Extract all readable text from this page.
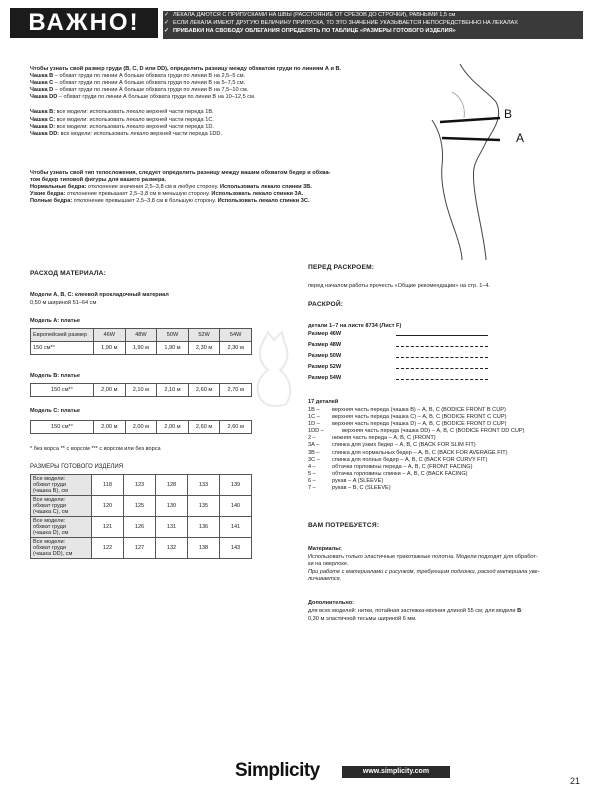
ВАЖНО!	✓ ЛЕКАЛА ДАЮТСЯ С ПРИПУСКАМИ НА ШВЫ (РАССТОЯНИЕ ОТ СРЕЗОВ ДО СТРОЧКИ), РАВНЫМИ 1,5 см
✓ ЕСЛИ ЛЕКАЛА ИМЕЮТ ДРУГУЮ ВЕЛИЧИНУ ПРИПУСКА, ТО ЭТО ЗНАЧЕНИЕ УКАЗЫВАЕТСЯ НЕПОСРЕДСТВЕННО НА ЛЕКАЛАХ
✓ ПРИБАВКИ НА СВОБОДУ ОБЛЕГАНИЯ ОПРЕДЕЛЯТЬ ПО ТАБЛИЦЕ «РАЗМЕРЫ ГОТОВОГО ИЗДЕЛИЯ»
Чтобы узнать свой размер груди (B, C, D или DD), определить разницу между обхватом груди по линиям А и В.
Чашка B – обхват груди по линии А больше обхвата груди по линии В на 2,5–5 см.
Чашка C – обхват груди по линии А больше обхвата груди по линии В на 5–7,5 см.
Чашка D – обхват груди по линии А больше обхвата груди по линии В на 7,5–10 см.
Чашка DD – обхват груди по линии А больше обхвата груди по линии В на 10–12,5 см.
Чашка B: все модели: использовать лекало верхней части переда 1B.
Чашка C: все модели: использовать лекало верхней части переда 1C.
Чашка D: все модели: использовать лекало верхней части переда 1D.
Чашка DD: все модели: использовать лекало верхней части переда 1DD.
Чтобы узнать свой тип телосложения, следует определить разницу между вашим обхватом бедер и обхва-
том бедер типовой фигуры для вашего размера.
Нормальные бедра: отклонение значения 2,5–3,8 см в любую сторону. Использовать лекало спинки 3B.
Узкие бедра: отклонение превышает 2,5–3,8 см в меньшую сторону. Использовать лекало спинки 3A.
Полные бедра: отклонение превышает 2,5–3,8 см в большую сторону. Использовать лекало спинки 3C.
B
A
РАСХОД МАТЕРИАЛА:
Модели A, B, C: клеевой прокладочный материал
0,50 м шириной 51–64 см
Модель А: платье
Европейский размер	46W	48W	50W	52W	54W
150 см*°	1,90 м	1,90 м	1,90 м	2,30 м	2,30 м
Модель B: платье
150 см*°	2,00 м	2,10 м	2,10 м	2,60 м	2,70 м
Модель C: платье
150 см*°	2,00 м	2,00 м	2,00 м	2,60 м	2,60 м
* без ворса ** с ворсом *** с ворсом или без ворса
РАЗМЕРЫ ГОТОВОГО ИЗДЕЛИЯ
Все модели:
обхват груди
(чашка B), см	118	123	128	133	139

Все модели:
обхват груди
(чашка C), см	120	125	130	135	140

Все модели:
обхват груди
(чашка D), см	121	126	131	136	141

Все модели:
обхват груди
(чашка DD), см	122	127	132	138	143
ПЕРЕД РАСКРОЕМ:
перед началом работы прочесть «Общие рекомендации» на стр. 1–4.
РАСКРОЙ:
детали 1–7 на листе 8734 (Лист F)
Размер 46W
Размер 48W
Размер 50W
Размер 52W
Размер 54W
17 деталей
1B – верхняя часть переда (чашка B) – A, B, C (BODICE FRONT B CUP)
1C – верхняя часть переда (чашка C) – A, B, C (BODICE FRONT C CUP)
1D – верхняя часть переда (чашка D) – A, B, C (BODICE FRONT D CUP)
1DD –	верхняя часть переда (чашка DD) – A, B, C (BODICE FRONT DD CUP)
2 –	нижняя часть переда – A, B, C (FRONT)
3A – спинка для узких бедер – A, B, C (BACK FOR SLIM FIT)
3B – спинка для нормальных бедер – A, B, C (BACK FOR AVERAGE FIT)
3C – спинка для полных бедер – A, B, C (BACK FOR CURVY FIT)
4 –	обтачка горловины переда – A, B, C (FRONT FACING)
5 –	обтачка горловины спинки – A, B, C (BACK FACING)
6 –	рукав – A (SLEEVE)
7 –	рукав – B, C (SLEEVE)
ВАМ ПОТРЕБУЕТСЯ:
Материалы:
Использовать только эластичные трикотажные полотна. Модели подходят для обработ-
ки на оверлоке.
При работе с материалами с рисунком, требующим подгонки, расход материала уве-
личивается.
Дополнительно:
для всех моделей: нитки, потайная застежка-молния длиной 55 см; для модели B:
0,30 м эластичной тесьмы шириной 6 мм.
Simplicity	www.simplicity.com
21
